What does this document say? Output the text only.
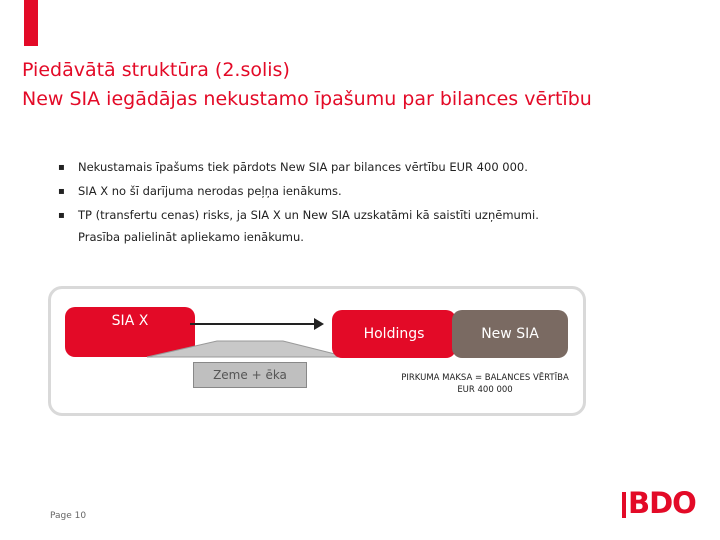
Piedāvātā struktūra (2.solis)
New SIA iegādājas nekustamo īpašumu par bilances vērtību
▪ Nekustamais īpašums tiek pārdots New SIA par bilances vērtību EUR 400 000.
▪ SIA X no šī darījuma nerodas peļņa ienākums.
▪ TP (transfertu cenas) risks, ja SIA X un New SIA uzskatāmi kā saistīti uzņēmumi.
Prasība palielināt apliekamo ienākumu.
SIA X
Zeme + ēka
Holdings	New SIA
PIRKUMA MAKSA = BALANCES VĒRTĪBA
EUR 400 000
Page 10	BDO
